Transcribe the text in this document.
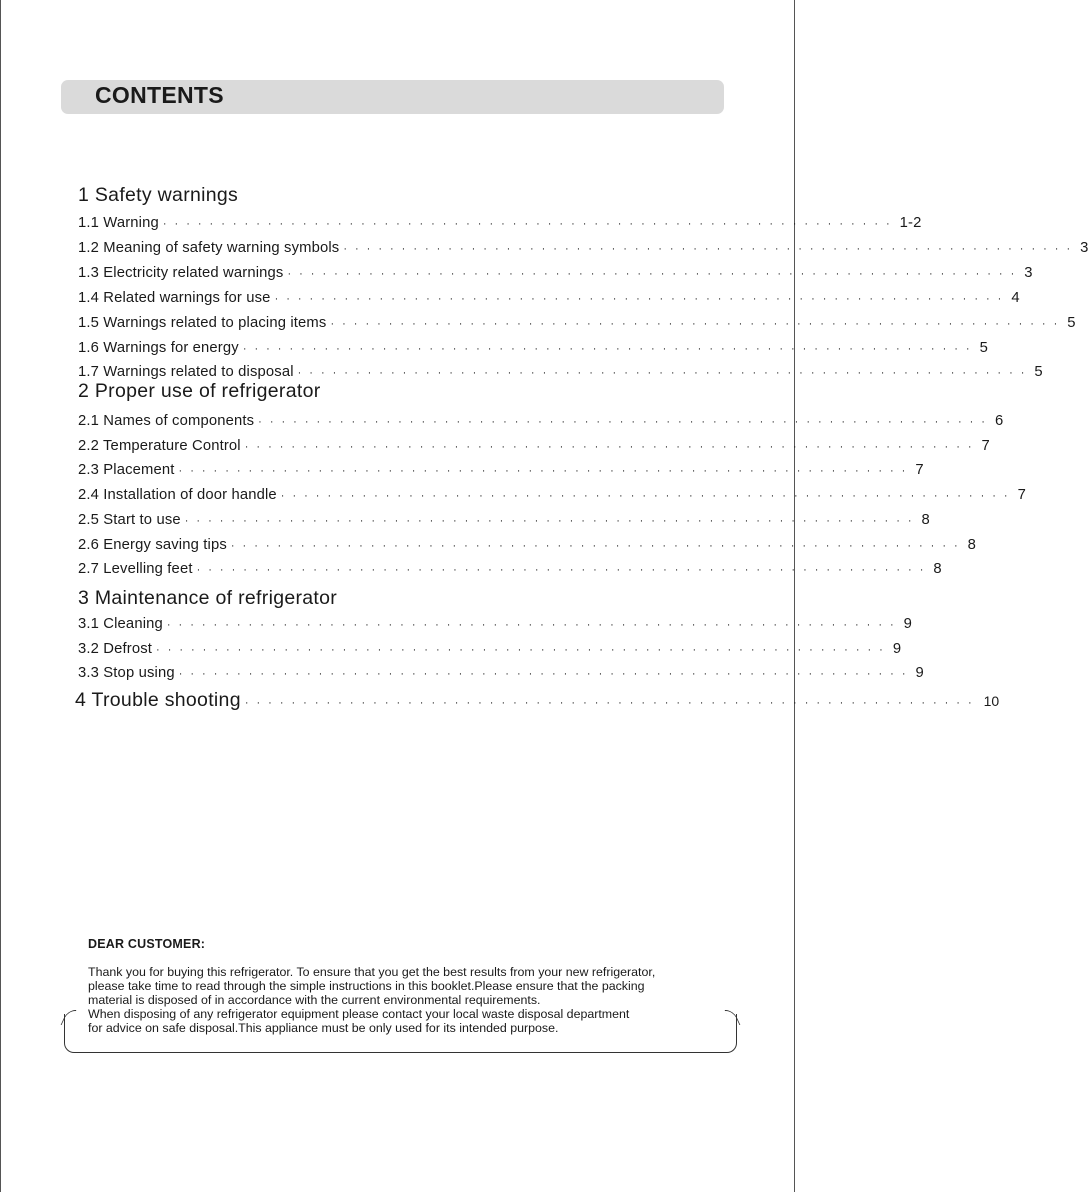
CONTENTS
1 Safety warnings
1.1 Warning ······························································· 1-2
1.2 Meaning of safety warning symbols ······························································· 3
1.3 Electricity related warnings ······························································· 3
1.4 Related warnings for use ······························································· 4
1.5 Warnings related to placing items ······························································· 5
1.6 Warnings for energy ······························································· 5
1.7 Warnings related to disposal ······························································· 5
2 Proper use of refrigerator
2.1 Names of components ······························································· 6
2.2 Temperature Control ······························································· 7
2.3 Placement ······························································· 7
2.4 Installation of door handle ······························································· 7
2.5 Start to use ······························································· 8
2.6 Energy saving tips ······························································· 8
2.7 Levelling feet ······························································· 8
3 Maintenance of refrigerator
3.1 Cleaning ······························································· 9
3.2 Defrost ······························································· 9
3.3 Stop using ······························································· 9
4 Trouble shooting ······························································· 10
DEAR CUSTOMER:
Thank you for buying this refrigerator. To ensure that you get the best results from your new refrigerator,
please take time to read through the simple instructions in this booklet.Please ensure that the packing
material is disposed of in accordance with the current environmental requirements.
When disposing of any refrigerator equipment please contact your local waste disposal department
for advice on safe disposal.This appliance must be only used for its intended purpose.
